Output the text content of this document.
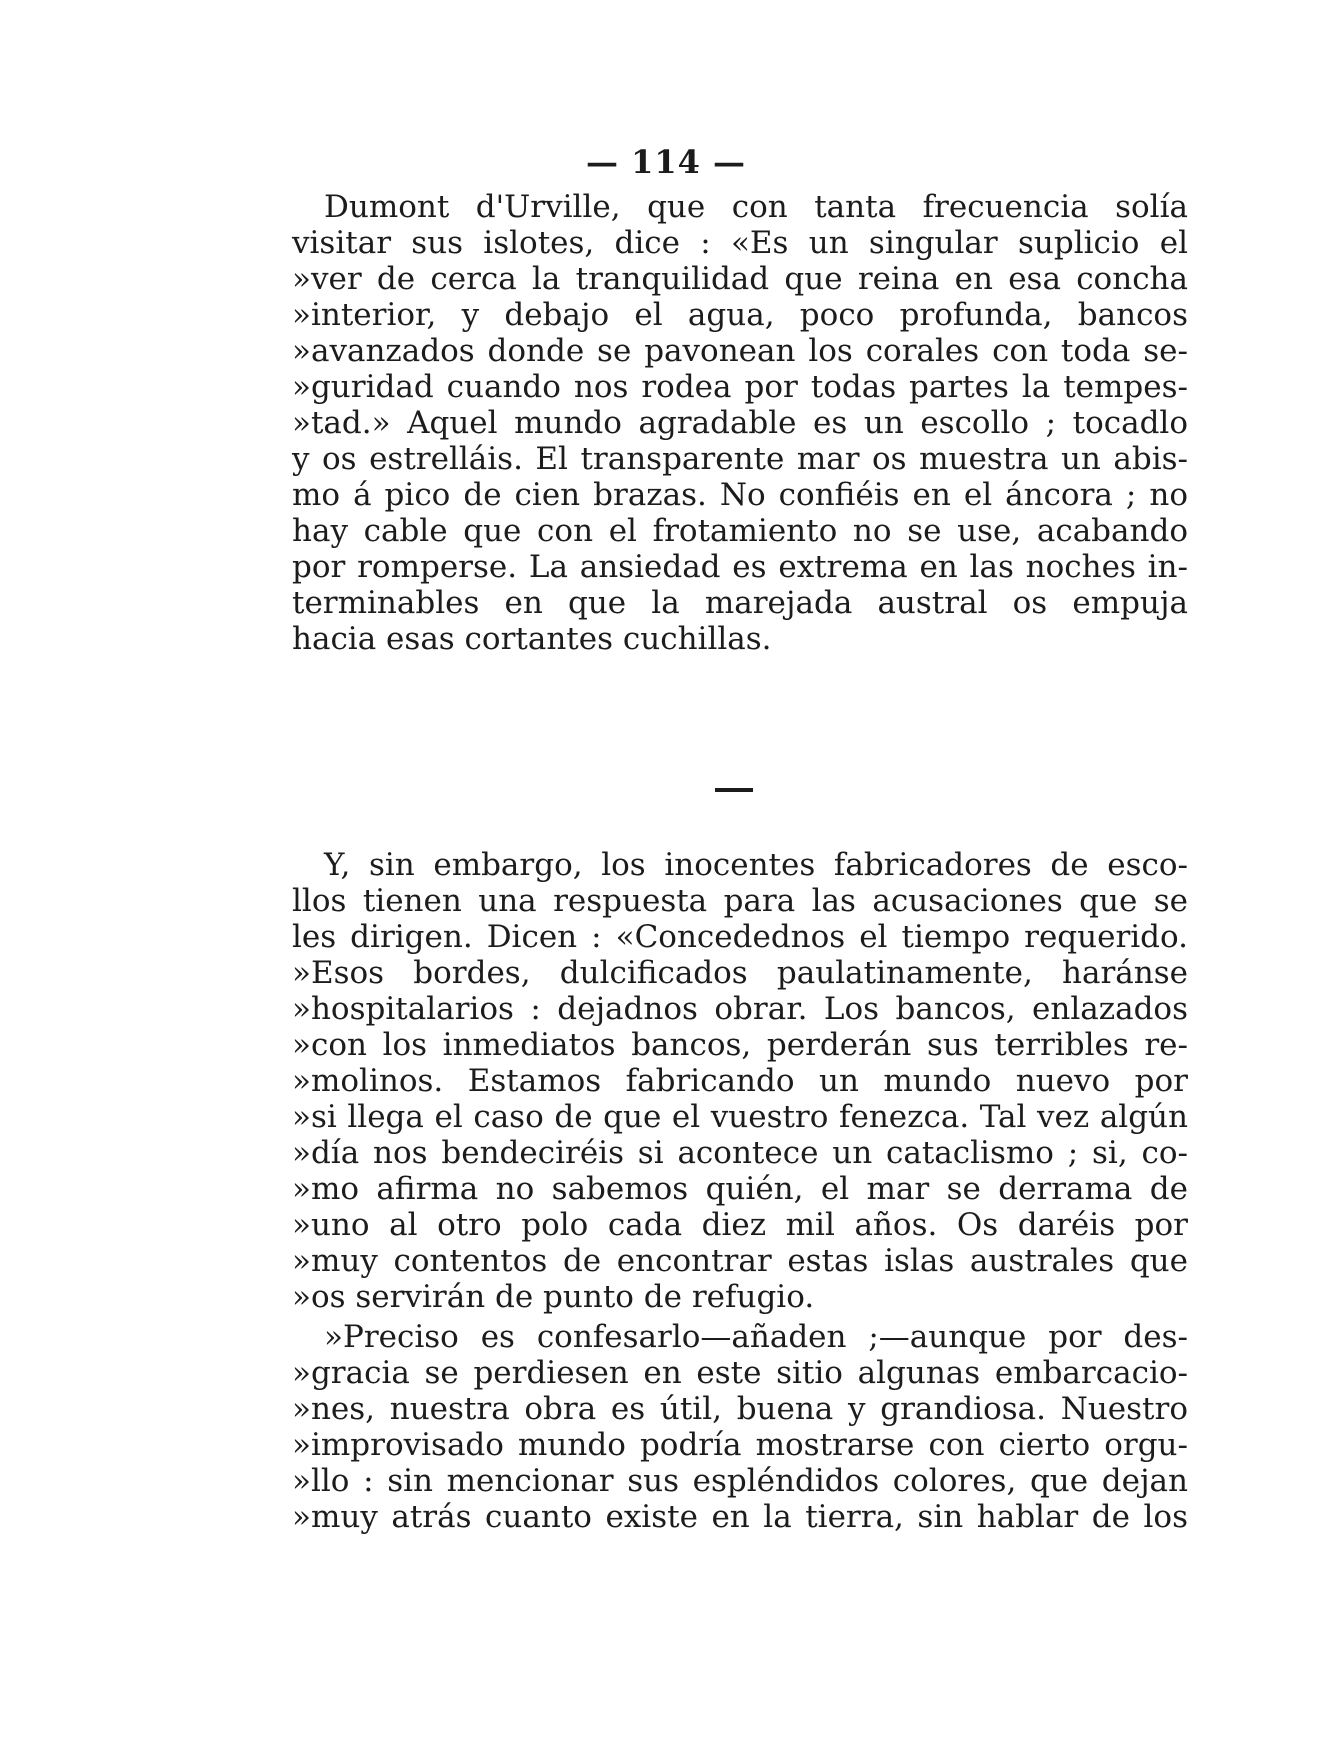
— 114 —
Dumont d'Urville, que con tanta frecuencia solía
visitar sus islotes, dice : «Es un singular suplicio el
»ver de cerca la tranquilidad que reina en esa concha
»interior, y debajo el agua, poco profunda, bancos
»avanzados donde se pavonean los corales con toda se-
»guridad cuando nos rodea por todas partes la tempes-
»tad.» Aquel mundo agradable es un escollo ; tocadlo
y os estrelláis. El transparente mar os muestra un abis-
mo á pico de cien brazas. No confiéis en el áncora ; no
hay cable que con el frotamiento no se use, acabando
por romperse. La ansiedad es extrema en las noches in-
terminables en que la marejada austral os empuja
hacia esas cortantes cuchillas.
Y, sin embargo, los inocentes fabricadores de esco-
llos tienen una respuesta para las acusaciones que se
les dirigen. Dicen : «Concedednos el tiempo requerido.
»Esos bordes, dulcificados paulatinamente, haránse
»hospitalarios : dejadnos obrar. Los bancos, enlazados
»con los inmediatos bancos, perderán sus terribles re-
»molinos. Estamos fabricando un mundo nuevo por
»si llega el caso de que el vuestro fenezca. Tal vez algún
»día nos bendeciréis si acontece un cataclismo ; si, co-
»mo afirma no sabemos quién, el mar se derrama de
»uno al otro polo cada diez mil años. Os daréis por
»muy contentos de encontrar estas islas australes que
»os servirán de punto de refugio.
»Preciso es confesarlo—añaden ;—aunque por des-
»gracia se perdiesen en este sitio algunas embarcacio-
»nes, nuestra obra es útil, buena y grandiosa. Nuestro
»improvisado mundo podría mostrarse con cierto orgu-
»llo : sin mencionar sus espléndidos colores, que dejan
»muy atrás cuanto existe en la tierra, sin hablar de los
